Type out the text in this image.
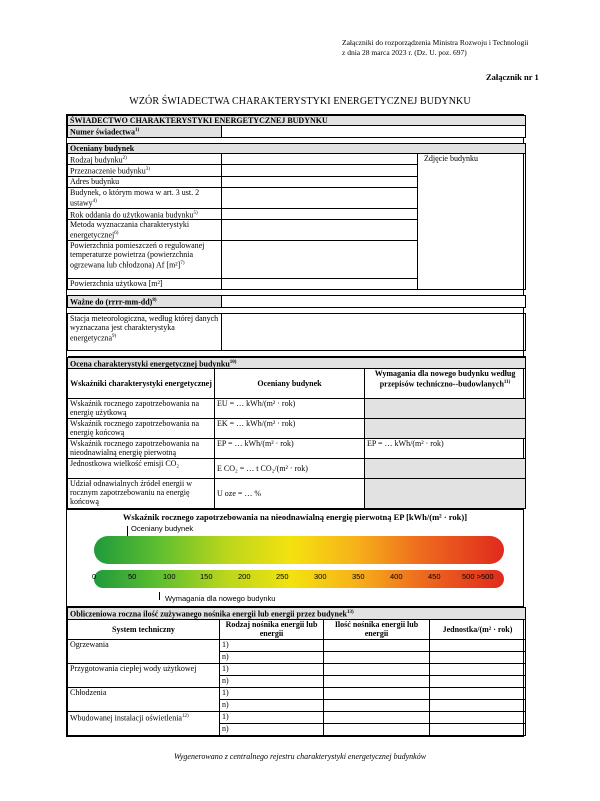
Załączniki do rozporządzenia Ministra Rozwoju i Technologii
z dnia 28 marca 2023 r. (Dz. U. poz. 697)
Załącznik nr 1
WZÓR ŚWIADECTWA CHARAKTERYSTYKI ENERGETYCZNEJ BUDYNKU
ŚWIADECTWO CHARAKTERYSTYKI ENERGETYCZNEJ BUDYNKU		
Numer świadectwa$^{1)}$	

Oceniany budynek		
Rodzaj budynku$^{2)}$		Zdjęcie budynku

Przeznaczenie budynku$^{3)}$	
Adres budynku		
Budynek, o którym mowa w art. 3 ust. 2 ustawy$^{4)}$	
Rok oddania do użytkowania budynku$^{5)}$	
Metoda wyznaczania charakterystyki energetycznej$^{6)}$	
Powierzchnia pomieszczeń o regulowanej temperaturze powietrza (powierzchnia ogrzewana lub chłodzona) Af $[m^2]^{7)}$	
Powierzchnia użytkowa [m²]		

Ważne do (rrrr-mm-dd)$^{8)}$	

Stacja meteorologiczna, według której danych wyznaczana jest charakterystyka energetyczna$^{9)}$	

Ocena charakterystyki energetycznej budynku$^{10)}$
Wskaźniki charakterystyki energetycznej	Oceniany budynek	Wymagania dla nowego budynku według przepisów techniczno--budowlanych$^{11)}$
Wskaźnik rocznego zapotrzebowania na energię użytkową	EU = … kWh/(m² · rok)	
Wskaźnik rocznego zapotrzebowania na energię końcową	EK = … kWh/(m² · rok)	
Wskaźnik rocznego zapotrzebowania na nieodnawialną energię pierwotną	EP = … kWh/(m² · rok)	EP = … kWh/(m² · rok)
Jednostkowa wielkość emisji CO₂	E CO₂ = … t CO₂/(m² · rok)	
Udział odnawialnych źródeł energii w rocznym zapotrzebowaniu na energię końcową	U oze = … %	
Wskaźnik rocznego zapotrzebowania na nieodnawialną energię pierwotną EP [kWh/(m² · rok)]
Oceniany budynek
0	50	100	150	200	250	300	350	400	450	500 >500
Wymagania dla nowego budynku
Obliczeniowa roczna ilość zużywanego nośnika energii lub energii przez budynek$^{13)}$
System techniczny	Rodzaj nośnika energii lub energii	Ilość nośnika energii lub energii	Jednostka/(m² · rok)
Ogrzewania	1)		
	n)		
Przygotowania ciepłej wody użytkowej	1)		
	n)		
Chłodzenia	1)		
	n)		
Wbudowanej instalacji oświetlenia$^{12)}$	1)		
	n)		
Wygenerowano z centralnego rejestru charakterystyki energetycznej budynków
